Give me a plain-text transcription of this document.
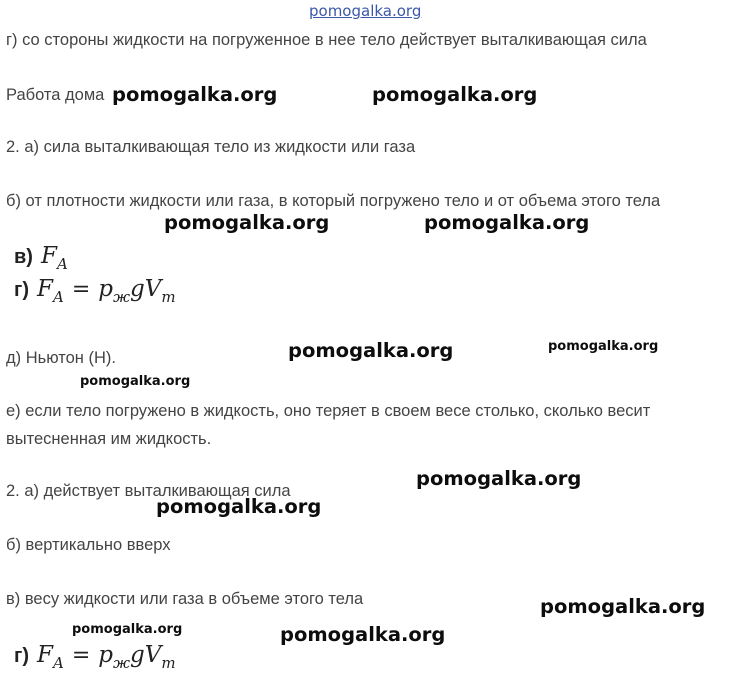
pomogalka.org
г) со стороны жидкости на погруженное в нее тело действует выталкивающая сила
Работа дома
2. а) сила выталкивающая тело из жидкости или газа
б) от плотности жидкости или газа, в который погружено тело и от объема этого тела
в) FA
г) FA = pжgVm
д) Ньютон (Н).
е) если тело погружено в жидкость, оно теряет в своем весе столько, сколько весит вытесненная им жидкость.
2. а) действует выталкивающая сила
б) вертикально вверх
в) весу жидкости или газа в объеме этого тела
г) FA = pжgVm
pomogalka.org	pomogalka.org
pomogalka.org	pomogalka.org
pomogalka.org	pomogalka.org
pomogalka.org
pomogalka.org
pomogalka.org
pomogalka.org
pomogalka.org	pomogalka.org
